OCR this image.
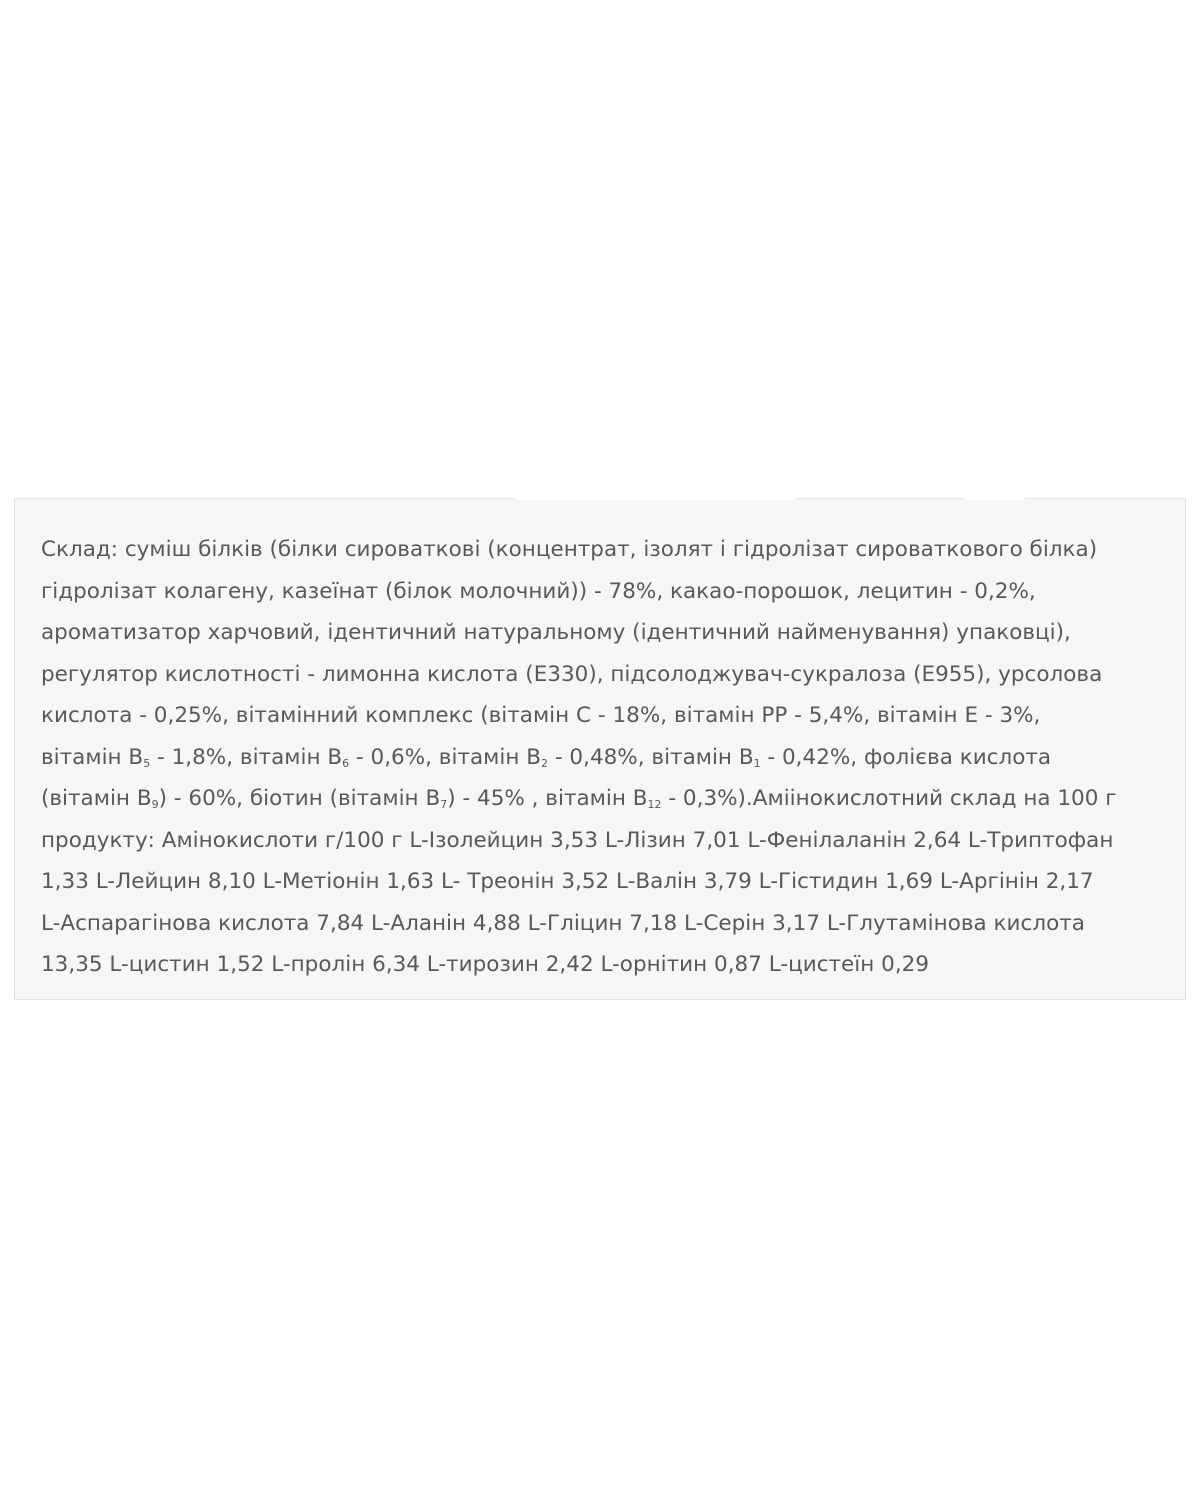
Склад: суміш білків (білки сироваткові (концентрат, ізолят і гідролізат сироваткового білка)
гідролізат колагену, казеїнат (білок молочний)) - 78%, какао-порошок, лецитин - 0,2%,
ароматизатор харчовий, ідентичний натуральному (ідентичний найменування) упаковці),
регулятор кислотності - лимонна кислота (Е330), підсолоджувач-сукралоза (Е955), урсолова
кислота - 0,25%, вітамінний комплекс (вітамін С - 18%, вітамін РР - 5,4%, вітамін Е - 3%,
вітамін $B_5 - 1,8\%$, вітамін $B_6 - 0,6\%$, вітамін $B_2 - 0,48\%$, вітамін $B_1 - 0,42\%$, фолієва кислота
(вітамін $B_9) - 60\%$, біотин (вітамін $B_7) - 45\%$ , вітамін $B_{12}$ - 0,3%).Аміінокислотний склад на 100 г
продукту: Амінокислоти г/100 г L-Ізолейцин 3,53 L-Лізин 7,01 L-Фенілаланін 2,64 L-Триптофан
1,33 L-Лейцин 8,10 L-Метіонін 1,63 L- Треонін 3,52 L-Валін 3,79 L-Гістидин 1,69 L-Аргінін 2,17
L-Аспарагінова кислота 7,84 L-Аланін 4,88 L-Гліцин 7,18 L-Серін 3,17 L-Глутамінова кислота
13,35 L-цистин 1,52 L-пролін 6,34 L-тирозин 2,42 L-орнітин 0,87 L-цистеїн 0,29
